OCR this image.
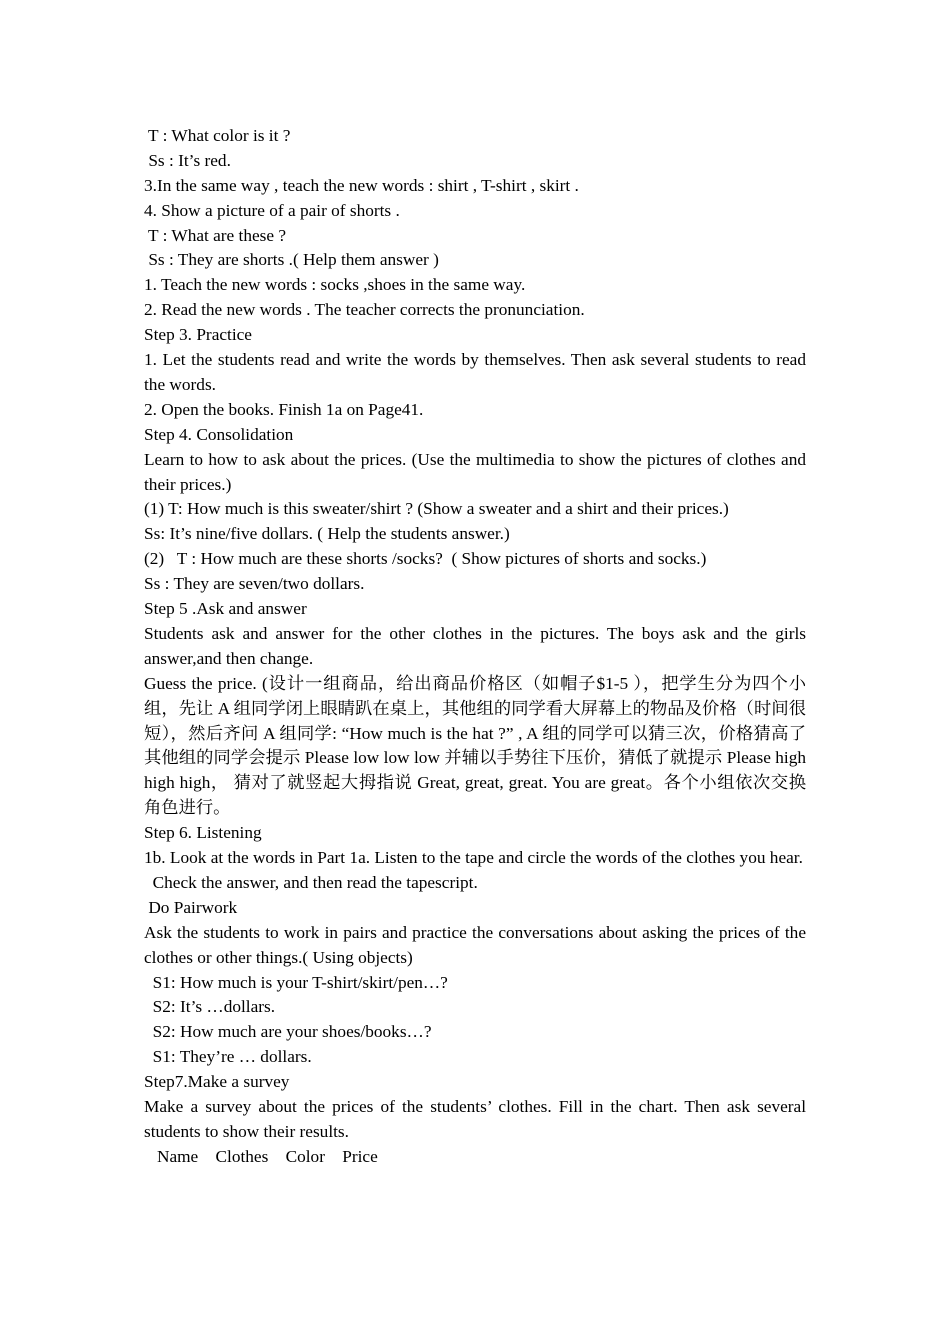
T : What color is it ?
Ss : It’s red.
3.In the same way , teach the new words : shirt , T-shirt , skirt .
4. Show a picture of a pair of shorts .
T : What are these ?
Ss : They are shorts .( Help them answer )
1. Teach the new words : socks ,shoes in the same way.
2. Read the new words . The teacher corrects the pronunciation.
Step 3. Practice
1. Let the students read and write the words by themselves. Then ask several students to read the words.
2. Open the books. Finish 1a on Page41.
Step 4. Consolidation
Learn to how to ask about the prices. (Use the multimedia to show the pictures of clothes and their prices.)
(1) T: How much is this sweater/shirt ? (Show a sweater and a shirt and their prices.)
Ss: It’s nine/five dollars. ( Help the students answer.)
(2)   T : How much are these shorts /socks?  ( Show pictures of shorts and socks.)
Ss : They are seven/two dollars.
Step 5 .Ask and answer
Students ask and answer for the other clothes in the pictures. The boys ask and the girls answer,and then change.
Guess the price. (设计一组商品，给出商品价格区（如帽子$1-5 ），把学生分为四个小组，先让 A 组同学闭上眼睛趴在桌上，其他组的同学看大屏幕上的物品及价格（时间很短），然后齐问 A 组同学: “How much is the hat ?” , A 组的同学可以猜三次，价格猜高了其他组的同学会提示 Please low low low 并辅以手势往下压价，猜低了就提示 Please high high high， 猜对了就竖起大拇指说 Great, great, great. You are great。各个小组依次交换角色进行。
Step 6. Listening
1b. Look at the words in Part 1a. Listen to the tape and circle the words of the clothes you hear.
Check the answer, and then read the tapescript.
Do Pairwork
Ask the students to work in pairs and practice the conversations about asking the prices of the clothes or other things.( Using objects)
S1: How much is your T-shirt/skirt/pen…?
S2: It’s …dollars.
S2: How much are your shoes/books…?
S1: They’re … dollars.
Step7.Make a survey
Make a survey about the prices of the students’ clothes. Fill in the chart. Then ask several students to show their results.
Name    Clothes    Color    Price
